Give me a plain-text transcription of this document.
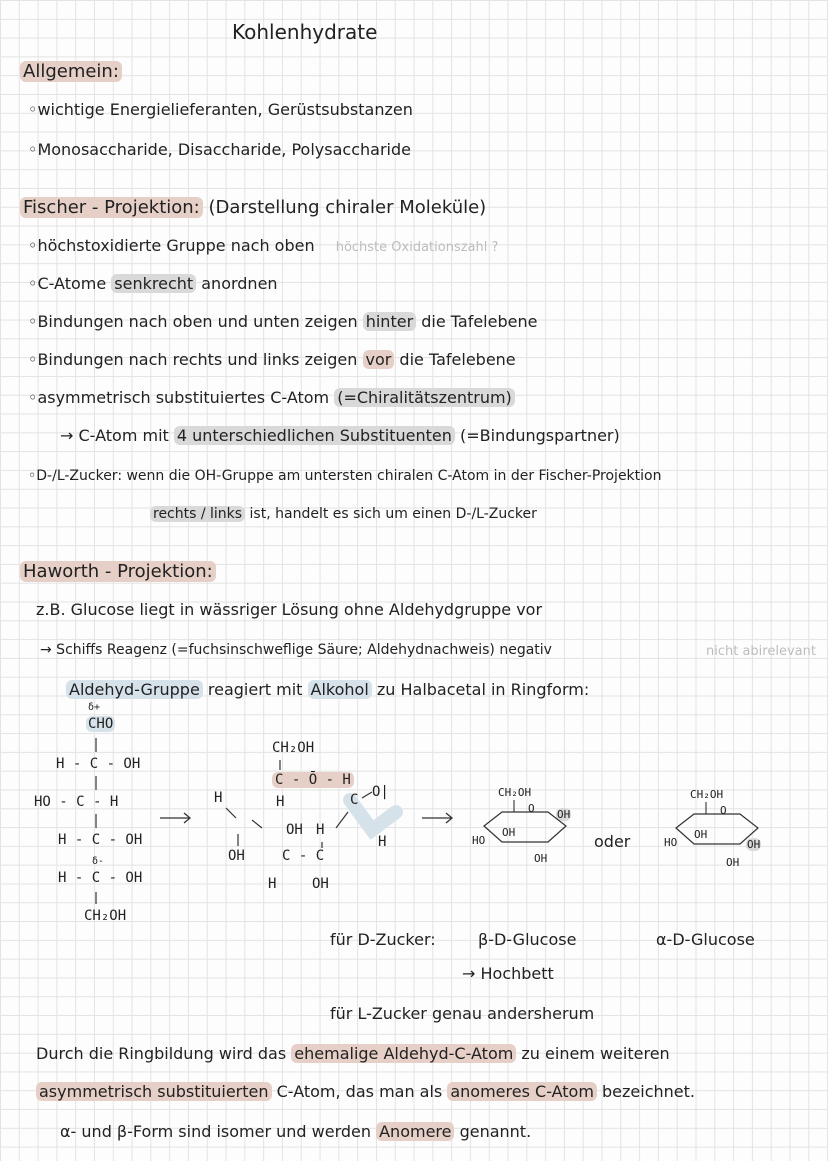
Kohlenhydrate
Allgemein:
◦ wichtige Energielieferanten, Gerüstsubstanzen
◦ Monosaccharide, Disaccharide, Polysaccharide
Fischer - Projektion: (Darstellung chiraler Moleküle)
◦ höchstoxidierte Gruppe nach oben höchste Oxidationszahl ?
◦ C-Atome senkrecht anordnen
◦ Bindungen nach oben und unten zeigen hinter die Tafelebene
◦ Bindungen nach rechts und links zeigen vor die Tafelebene
◦ asymmetrisch substituiertes C-Atom (=Chiralitätszentrum)
→ C-Atom mit 4 unterschiedlichen Substituenten (=Bindungspartner)
◦ D-/L-Zucker: wenn die OH-Gruppe am untersten chiralen C-Atom in der Fischer-Projektion
rechts / links ist, handelt es sich um einen D-/L-Zucker
Haworth - Projektion:
z.B. Glucose liegt in wässriger Lösung ohne Aldehydgruppe vor
→ Schiffs Reagenz (=fuchsinschweflige Säure; Aldehydnachweis) negativ	nicht abirelevant
Aldehyd-Gruppe reagiert mit Alkohol zu Halbacetal in Ringform:
δ+
CHO
H - C - OH
HO - C - H
H - C - OH
δ-
H - C - OH
CH₂OH
CH₂OH
C - Ō - H
H	H
OH
OH
C - C
H	OH
H
C O|
H
CH₂OH
O OH
HO
OH
OH
oder
CH₂OH
O
HO
OH
OH
OH
für D-Zucker:	β-D-Glucose	α-D-Glucose
→ Hochbett
für L-Zucker genau andersherum
Durch die Ringbildung wird das ehemalige Aldehyd-C-Atom zu einem weiteren
asymmetrisch substituierten C-Atom, das man als anomeres C-Atom bezeichnet.
α- und β-Form sind isomer und werden Anomere genannt.
